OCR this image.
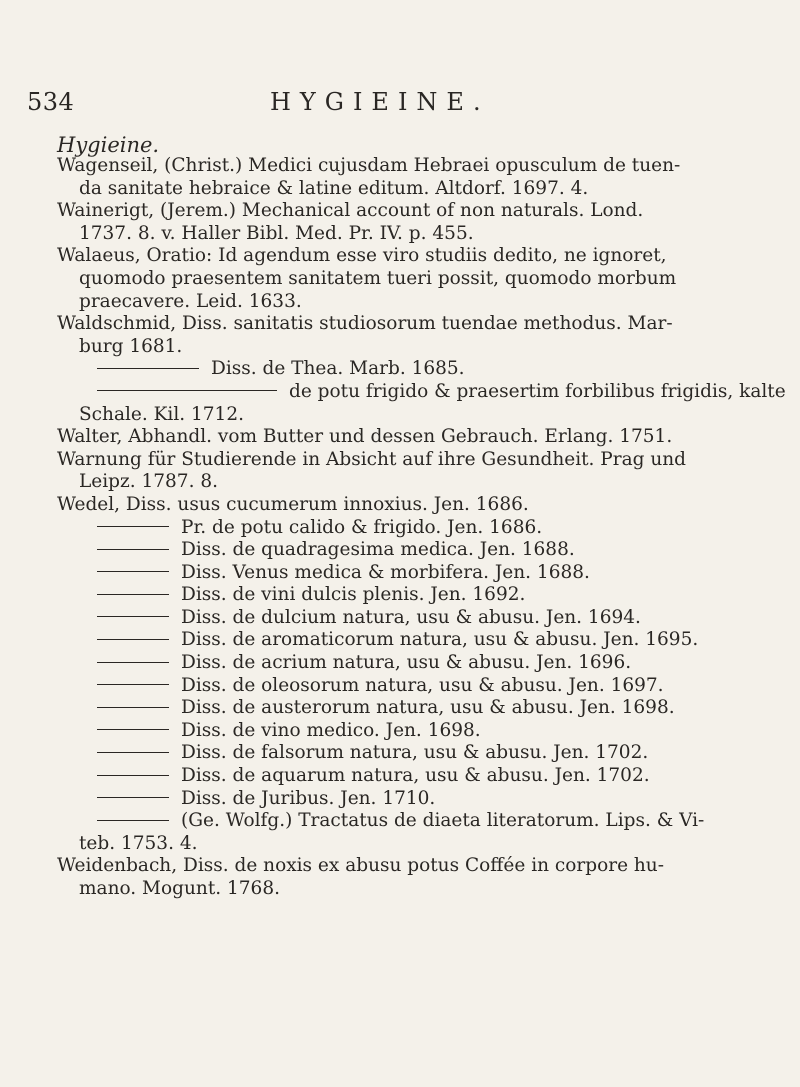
534	HYGIEINE.
Hygieine.
Wagenseil, (Christ.) Medici cujusdam Hebraei opusculum de tuen-
da sanitate hebraice & latine editum. Altdorf. 1697. 4.
Wainerigt, (Jerem.) Mechanical account of non naturals. Lond.
1737. 8. v. Haller Bibl. Med. Pr. IV. p. 455.
Walaeus, Oratio: Id agendum esse viro studiis dedito, ne ignoret,
quomodo praesentem sanitatem tueri possit, quomodo morbum
praecavere. Leid. 1633.
Waldschmid, Diss. sanitatis studiosorum tuendae methodus. Mar-
burg 1681.
Diss. de Thea. Marb. 1685.
de potu frigido & praesertim forbilibus frigidis, kalte
Schale. Kil. 1712.
Walter, Abhandl. vom Butter und dessen Gebrauch. Erlang. 1751.
Warnung für Studierende in Absicht auf ihre Gesundheit. Prag und
Leipz. 1787. 8.
Wedel, Diss. usus cucumerum innoxius. Jen. 1686.
Pr. de potu calido & frigido. Jen. 1686.
Diss. de quadragesima medica. Jen. 1688.
Diss. Venus medica & morbifera. Jen. 1688.
Diss. de vini dulcis plenis. Jen. 1692.
Diss. de dulcium natura, usu & abusu. Jen. 1694.
Diss. de aromaticorum natura, usu & abusu. Jen. 1695.
Diss. de acrium natura, usu & abusu. Jen. 1696.
Diss. de oleosorum natura, usu & abusu. Jen. 1697.
Diss. de austerorum natura, usu & abusu. Jen. 1698.
Diss. de vino medico. Jen. 1698.
Diss. de falsorum natura, usu & abusu. Jen. 1702.
Diss. de aquarum natura, usu & abusu. Jen. 1702.
Diss. de Juribus. Jen. 1710.
(Ge. Wolfg.) Tractatus de diaeta literatorum. Lips. & Vi-
teb. 1753. 4.
Weidenbach, Diss. de noxis ex abusu potus Coffée in corpore hu-
mano. Mogunt. 1768.
